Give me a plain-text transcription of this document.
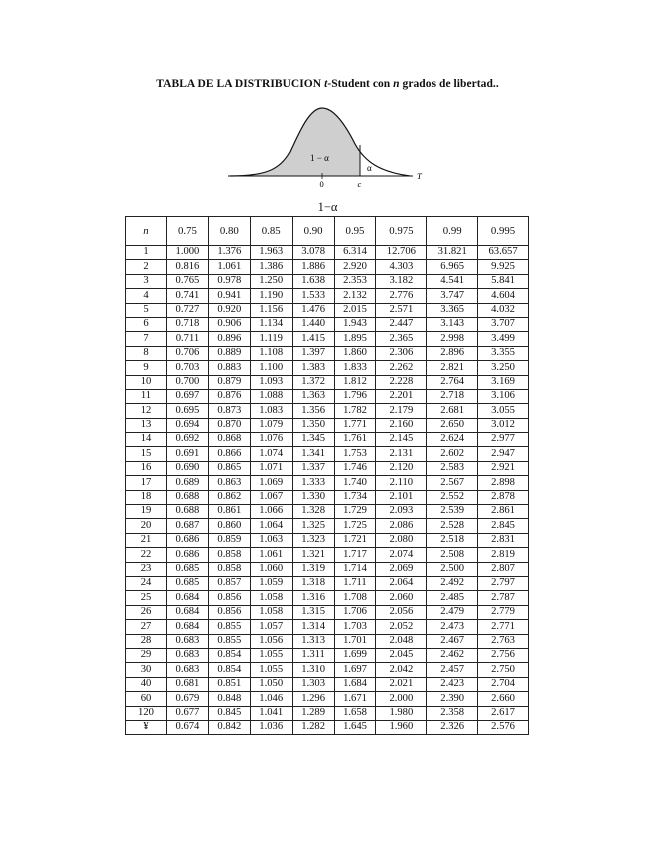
TABLA DE LA DISTRIBUCION t-Student con n grados de libertad..
1 − α
α
0	c
T
1−α
n	0.75	0.80	0.85	0.90	0.95	0.975	0.99	0.995
1	1.000	1.376	1.963	3.078	6.314	12.706	31.821	63.657
2	0.816	1.061	1.386	1.886	2.920	4.303	6.965	9.925
3	0.765	0.978	1.250	1.638	2.353	3.182	4.541	5.841
4	0.741	0.941	1.190	1.533	2.132	2.776	3.747	4.604
5	0.727	0.920	1.156	1.476	2.015	2.571	3.365	4.032
6	0.718	0.906	1.134	1.440	1.943	2.447	3.143	3.707
7	0.711	0.896	1.119	1.415	1.895	2.365	2.998	3.499
8	0.706	0.889	1.108	1.397	1.860	2.306	2.896	3.355
9	0.703	0.883	1.100	1.383	1.833	2.262	2.821	3.250
10	0.700	0.879	1.093	1.372	1.812	2.228	2.764	3.169
11	0.697	0.876	1.088	1.363	1.796	2.201	2.718	3.106
12	0.695	0.873	1.083	1.356	1.782	2.179	2.681	3.055
13	0.694	0.870	1.079	1.350	1.771	2.160	2.650	3.012
14	0.692	0.868	1.076	1.345	1.761	2.145	2.624	2.977
15	0.691	0.866	1.074	1.341	1.753	2.131	2.602	2.947
16	0.690	0.865	1.071	1.337	1.746	2.120	2.583	2.921
17	0.689	0.863	1.069	1.333	1.740	2.110	2.567	2.898
18	0.688	0.862	1.067	1.330	1.734	2.101	2.552	2.878
19	0.688	0.861	1.066	1.328	1.729	2.093	2.539	2.861
20	0.687	0.860	1.064	1.325	1.725	2.086	2.528	2.845
21	0.686	0.859	1.063	1.323	1.721	2.080	2.518	2.831
22	0.686	0.858	1.061	1.321	1.717	2.074	2.508	2.819
23	0.685	0.858	1.060	1.319	1.714	2.069	2.500	2.807
24	0.685	0.857	1.059	1.318	1.711	2.064	2.492	2.797
25	0.684	0.856	1.058	1.316	1.708	2.060	2.485	2.787
26	0.684	0.856	1.058	1.315	1.706	2.056	2.479	2.779
27	0.684	0.855	1.057	1.314	1.703	2.052	2.473	2.771
28	0.683	0.855	1.056	1.313	1.701	2.048	2.467	2.763
29	0.683	0.854	1.055	1.311	1.699	2.045	2.462	2.756
30	0.683	0.854	1.055	1.310	1.697	2.042	2.457	2.750
40	0.681	0.851	1.050	1.303	1.684	2.021	2.423	2.704
60	0.679	0.848	1.046	1.296	1.671	2.000	2.390	2.660
120	0.677	0.845	1.041	1.289	1.658	1.980	2.358	2.617
¥	0.674	0.842	1.036	1.282	1.645	1.960	2.326	2.576
